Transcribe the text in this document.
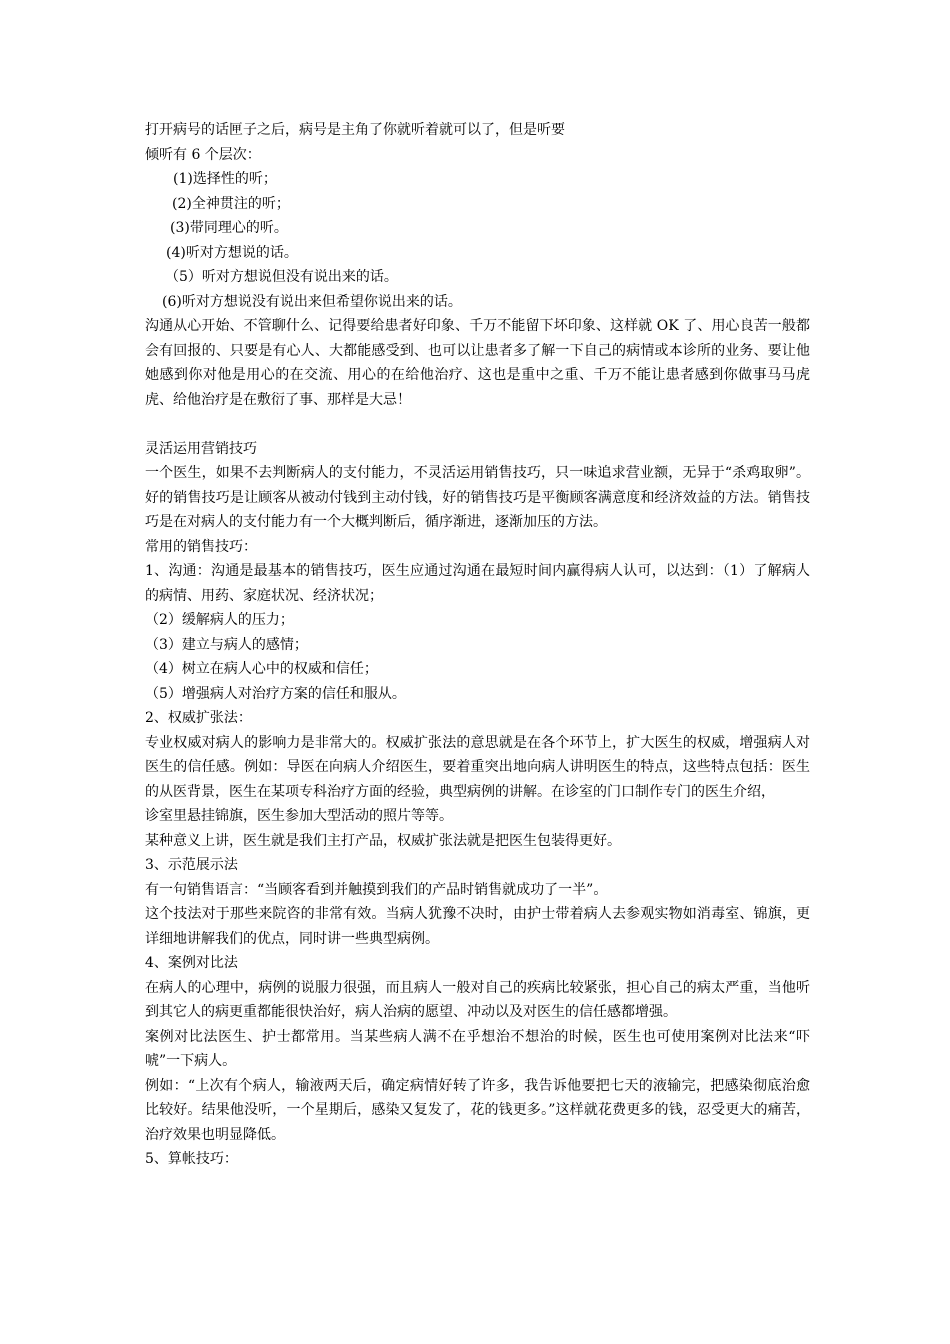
打开病号的话匣子之后，病号是主角了你就听着就可以了，但是听要
倾听有 6 个层次：
(1)选择性的听；
(2)全神贯注的听；
(3)带同理心的听。
(4)听对方想说的话。
（5）听对方想说但没有说出来的话。
(6)听对方想说没有说出来但希望你说出来的话。

沟通从心开始、不管聊什么、记得要给患者好印象、千万不能留下坏印象、这样就 OK 了、用心良苦一般都会有回报的、只要是有心人、大都能感受到、也可以让患者多了解一下自己的病情或本诊所的业务、要让他她感到你对他是用心的在交流、用心的在给他治疗、这也是重中之重、千万不能让患者感到你做事马马虎虎、给他治疗是在敷衍了事、那样是大忌！

灵活运用营销技巧

一个医生，如果不去判断病人的支付能力，不灵活运用销售技巧，只一味追求营业额，无异于“杀鸡取卵”。好的销售技巧是让顾客从被动付钱到主动付钱，好的销售技巧是平衡顾客满意度和经济效益的方法。销售技巧是在对病人的支付能力有一个大概判断后，循序渐进，逐渐加压的方法。

常用的销售技巧：

1、沟通：沟通是最基本的销售技巧，医生应通过沟通在最短时间内赢得病人认可，以达到：（1）了解病人的病情、用药、家庭状况、经济状况；

（2）缓解病人的压力；
（3）建立与病人的感情；
（4）树立在病人心中的权威和信任；
（5）增强病人对治疗方案的信任和服从。
2、权威扩张法：

专业权威对病人的影响力是非常大的。权威扩张法的意思就是在各个环节上，扩大医生的权威，增强病人对医生的信任感。例如：导医在向病人介绍医生，要着重突出地向病人讲明医生的特点，这些特点包括：医生的从医背景，医生在某项专科治疗方面的经验，典型病例的讲解。在诊室的门口制作专门的医生介绍，

诊室里悬挂锦旗，医生参加大型活动的照片等等。
某种意义上讲，医生就是我们主打产品，权威扩张法就是把医生包装得更好。
3、示范展示法
有一句销售语言：“当顾客看到并触摸到我们的产品时销售就成功了一半”。

这个技法对于那些来院咨的非常有效。当病人犹豫不决时，由护士带着病人去参观实物如消毒室、锦旗，更详细地讲解我们的优点，同时讲一些典型病例。

4、案例对比法

在病人的心理中，病例的说服力很强，而且病人一般对自己的疾病比较紧张，担心自己的病太严重，当他听到其它人的病更重都能很快治好，病人治病的愿望、冲动以及对医生的信任感都增强。

案例对比法医生、护士都常用。当某些病人满不在乎想治不想治的时候，医生也可使用案例对比法来“吓唬”一下病人。

例如：“上次有个病人，输液两天后，确定病情好转了许多，我告诉他要把七天的液输完，把感染彻底治愈比较好。结果他没听，一个星期后，感染又复发了，花的钱更多。”这样就花费更多的钱，忍受更大的痛苦，治疗效果也明显降低。

5、算帐技巧：
